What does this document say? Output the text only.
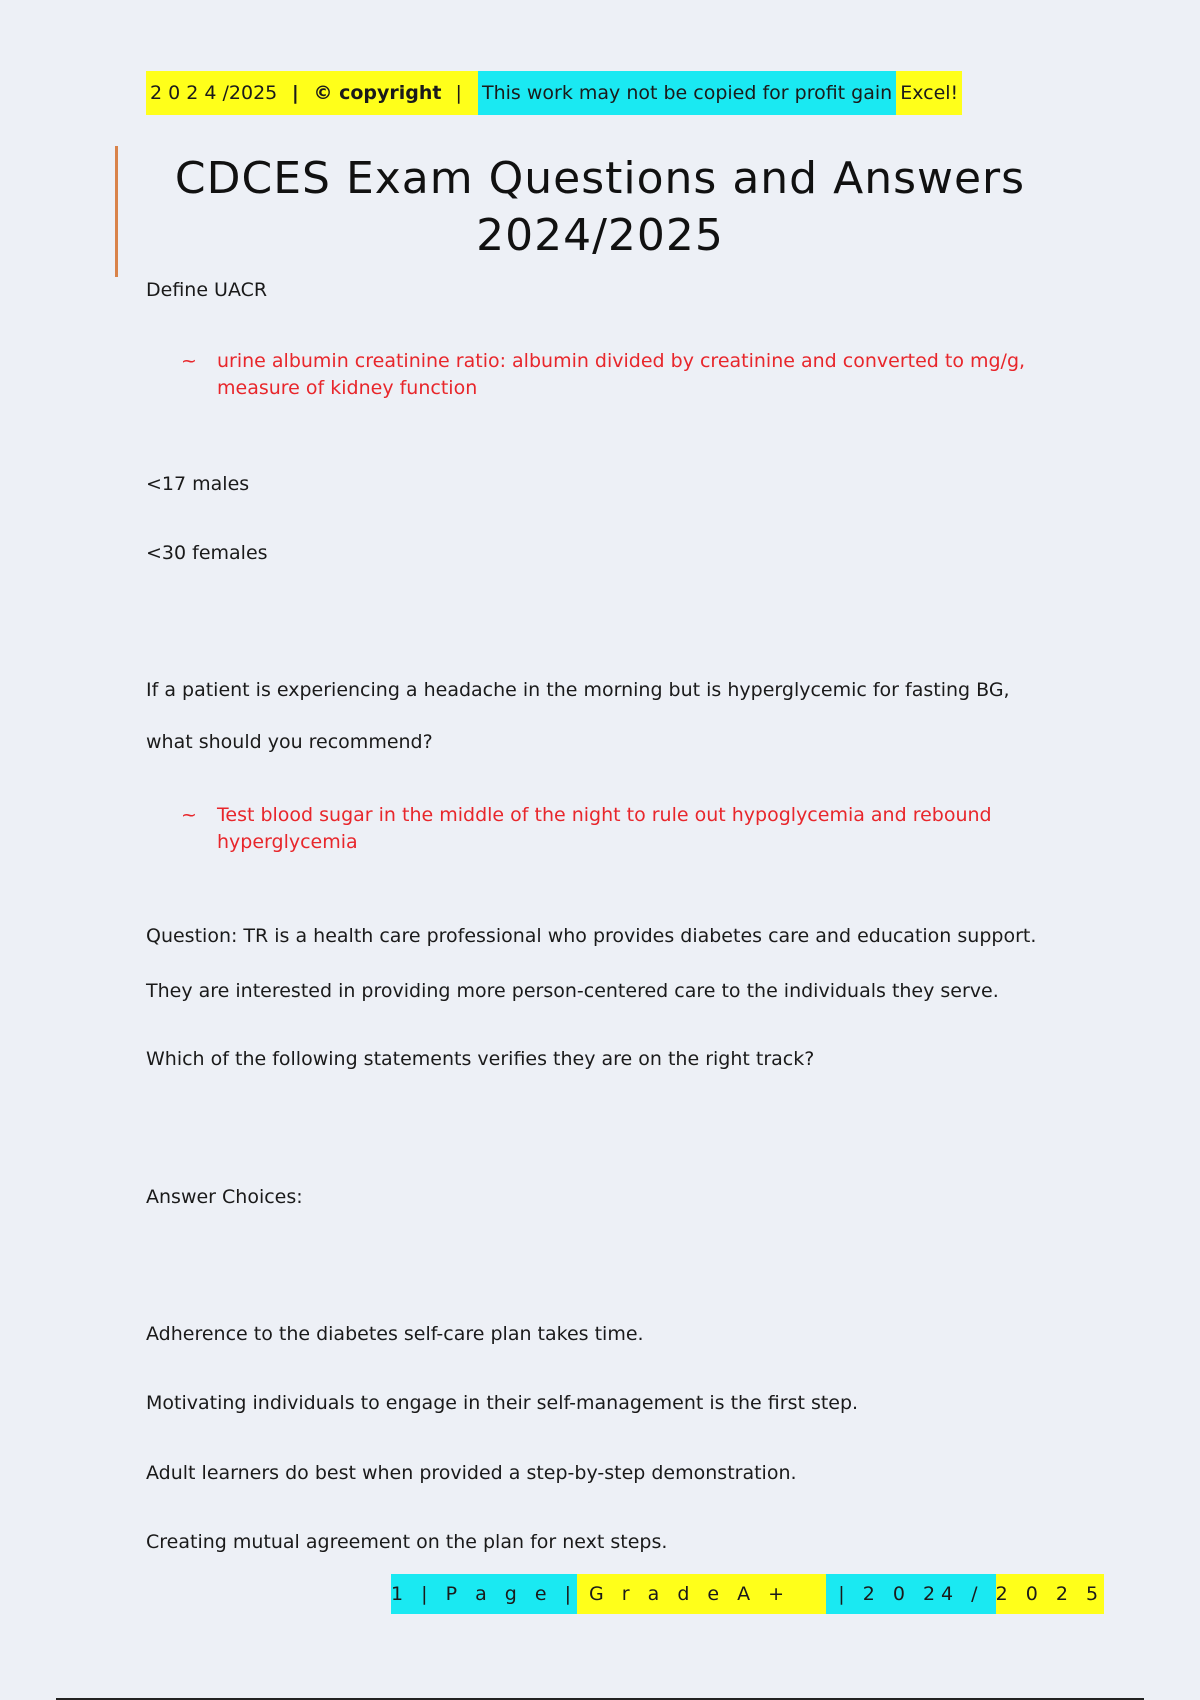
2 0 2 4 /2025 | © copyright | This work may not be copied for profit gain Excel!
CDCES Exam Questions and Answers
2024/2025
Define UACR
~	urine albumin creatinine ratio: albumin divided by creatinine and converted to mg/g,
measure of kidney function
<17 males
<30 females
If a patient is experiencing a headache in the morning but is hyperglycemic for fasting BG,
what should you recommend?
~	Test blood sugar in the middle of the night to rule out hypoglycemia and rebound
hyperglycemia
Question: TR is a health care professional who provides diabetes care and education support.
They are interested in providing more person-centered care to the individuals they serve.
Which of the following statements verifies they are on the right track?
Answer Choices:
Adherence to the diabetes self-care plan takes time.
Motivating individuals to engage in their self-management is the first step.
Adult learners do best when provided a step-by-step demonstration.
Creating mutual agreement on the plan for next steps.
1 | P a g e | G r a d e A + | 2 0 24 / 2 0 2 5
